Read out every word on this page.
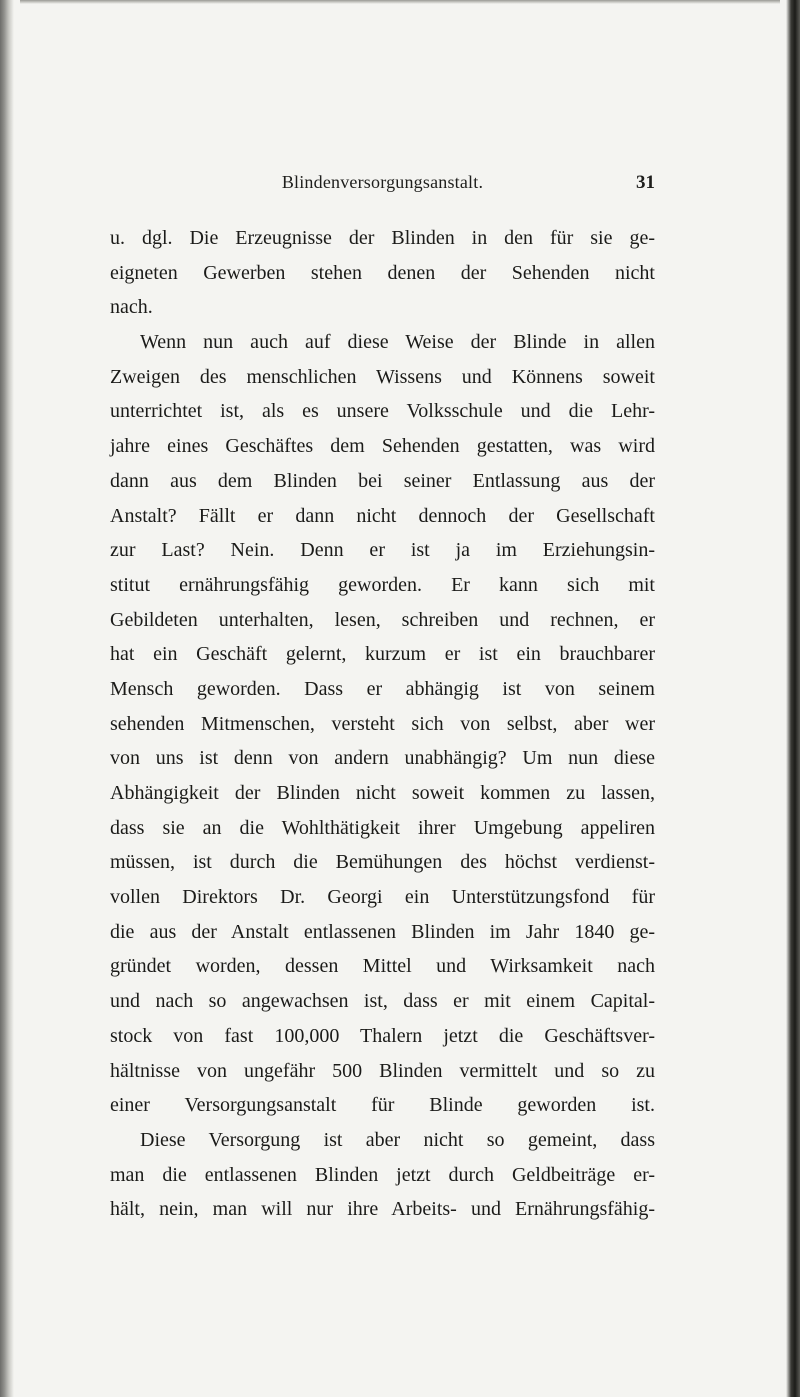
Blindenversorgungsanstalt.	31
u. dgl. Die Erzeugnisse der Blinden in den für sie ge-
eigneten Gewerben stehen denen der Sehenden nicht
nach.
Wenn nun auch auf diese Weise der Blinde in allen
Zweigen des menschlichen Wissens und Könnens soweit
unterrichtet ist, als es unsere Volksschule und die Lehr-
jahre eines Geschäftes dem Sehenden gestatten, was wird
dann aus dem Blinden bei seiner Entlassung aus der
Anstalt? Fällt er dann nicht dennoch der Gesellschaft
zur Last? Nein. Denn er ist ja im Erziehungsin-
stitut ernährungsfähig geworden. Er kann sich mit
Gebildeten unterhalten, lesen, schreiben und rechnen, er
hat ein Geschäft gelernt, kurzum er ist ein brauchbarer
Mensch geworden. Dass er abhängig ist von seinem
sehenden Mitmenschen, versteht sich von selbst, aber wer
von uns ist denn von andern unabhängig? Um nun diese
Abhängigkeit der Blinden nicht soweit kommen zu lassen,
dass sie an die Wohlthätigkeit ihrer Umgebung appeliren
müssen, ist durch die Bemühungen des höchst verdienst-
vollen Direktors Dr. Georgi ein Unterstützungsfond für
die aus der Anstalt entlassenen Blinden im Jahr 1840 ge-
gründet worden, dessen Mittel und Wirksamkeit nach
und nach so angewachsen ist, dass er mit einem Capital-
stock von fast 100,000 Thalern jetzt die Geschäftsver-
hältnisse von ungefähr 500 Blinden vermittelt und so zu
einer Versorgungsanstalt für Blinde geworden ist.
Diese Versorgung ist aber nicht so gemeint, dass
man die entlassenen Blinden jetzt durch Geldbeiträge er-
hält, nein, man will nur ihre Arbeits- und Ernährungsfähig-
